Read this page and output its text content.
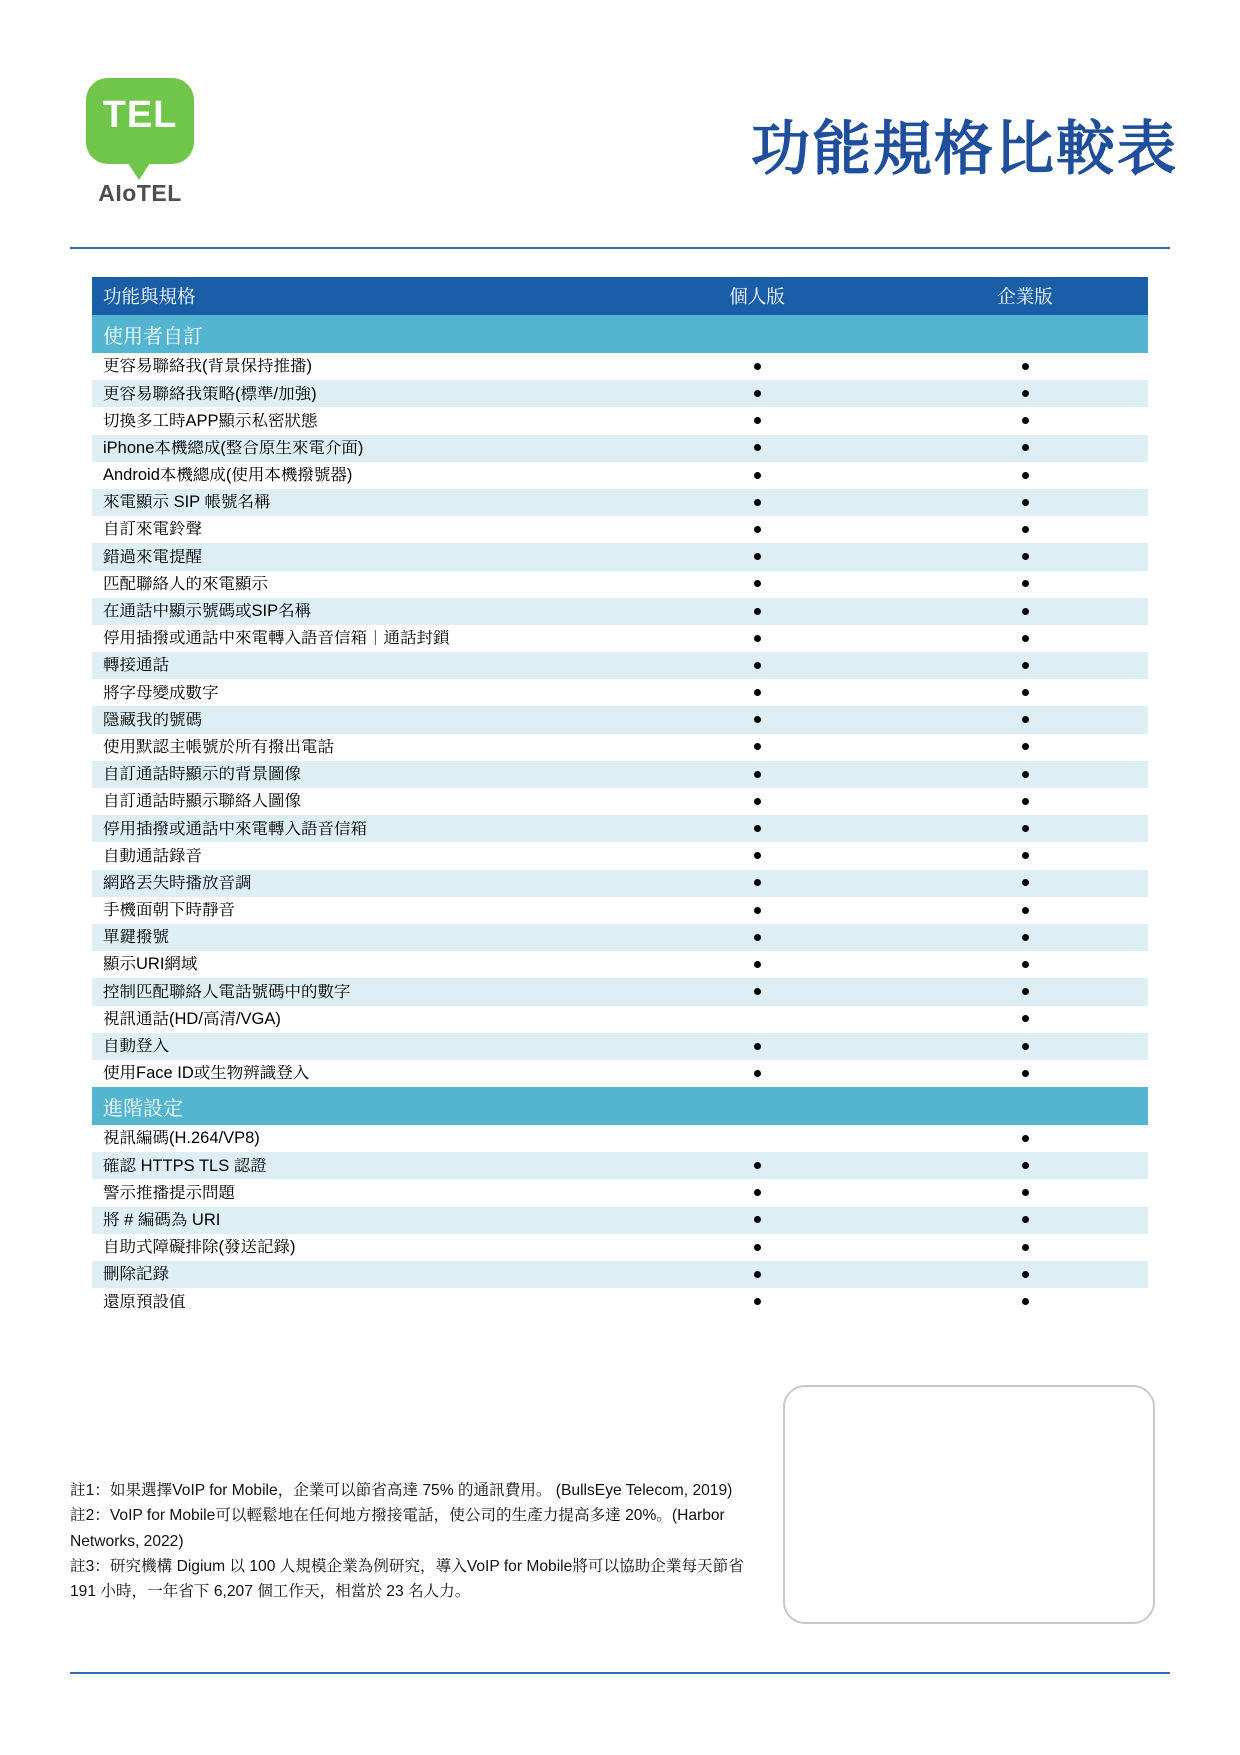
TEL
AIoTEL
功能規格比較表
功能與規格	個人版	企業版
使用者自訂
更容易聯絡我(背景保持推播)
更容易聯絡我策略(標準/加強)
切換多工時APP顯示私密狀態
iPhone本機總成(整合原生來電介面)
Android本機總成(使用本機撥號器)
來電顯示 SIP 帳號名稱
自訂來電鈴聲
錯過來電提醒
匹配聯絡人的來電顯示
在通話中顯示號碼或SIP名稱
停用插撥或通話中來電轉入語音信箱｜通話封鎖
轉接通話
將字母變成數字
隱藏我的號碼
使用默認主帳號於所有撥出電話
自訂通話時顯示的背景圖像
自訂通話時顯示聯絡人圖像
停用插撥或通話中來電轉入語音信箱
自動通話錄音
網路丟失時播放音調
手機面朝下時靜音
單鍵撥號
顯示URI網域
控制匹配聯絡人電話號碼中的數字
視訊通話(HD/高清/VGA)
自動登入
使用Face ID或生物辨識登入
進階設定
視訊編碼(H.264/VP8)
確認 HTTPS TLS 認證
警示推播提示問題
將 # 編碼為 URI
自助式障礙排除(發送記錄)
刪除記錄
還原預設值
註1：如果選擇VoIP for Mobile，企業可以節省高達 75% 的通訊費用。 (BullsEye Telecom, 2019)
註2：VoIP for Mobile可以輕鬆地在任何地方撥接電話，使公司的生產力提高多達 20%。(Harbor Networks, 2022)
註3：研究機構 Digium 以 100 人規模企業為例研究，導入VoIP for Mobile將可以協助企業每天節省 191 小時，一年省下 6,207 個工作天，相當於 23 名人力。
